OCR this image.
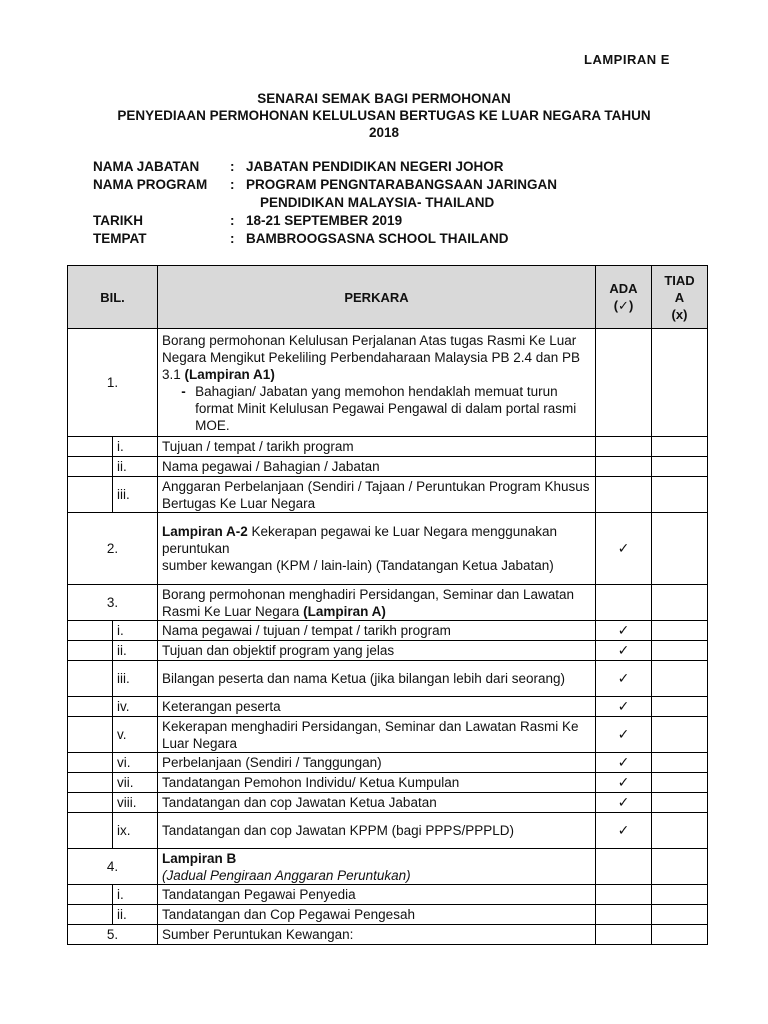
LAMPIRAN E
SENARAI SEMAK BAGI PERMOHONAN
PENYEDIAAN PERMOHONAN KELULUSAN BERTUGAS KE LUAR NEGARA TAHUN
2018
NAMA JABATAN : JABATAN PENDIDIKAN NEGERI JOHOR
NAMA PROGRAM : PROGRAM PENGNTARABANGSAAN JARINGAN
PENDIDIKAN MALAYSIA- THAILAND
TARIKH	: 18-21 SEPTEMBER 2019
TEMPAT	: BAMBROOGSASNA SCHOOL THAILAND
BIL.		PERKARA	ADA
(✓)	TIAD
A
(x)

1.		Borang permohonan Kelulusan Perjalanan Atas tugas Rasmi Ke Luar Negara Mengikut Pekeliling Perbendaharaan Malaysia PB 2.4 dan PB 3.1 (Lampiran A1)
- Bahagian/ Jabatan yang memohon hendaklah memuat turun format Minit Kelulusan Pegawai Pengawal di dalam portal rasmi MOE.		

	i.	Tujuan / tempat / tarikh program		
	ii.	Nama pegawai / Bahagian / Jabatan		
	iii.	Anggaran Perbelanjaan (Sendiri / Tajaan / Peruntukan Program Khusus      Bertugas Ke Luar Negara		
2.		Lampiran A-2 Kekerapan pegawai ke Luar Negara menggunakan peruntukan
sumber kewangan (KPM / lain-lain) (Tandatangan Ketua Jabatan)	✓	
3.		Borang permohonan menghadiri Persidangan, Seminar dan Lawatan Rasmi Ke Luar Negara (Lampiran A)		
	i.	Nama pegawai / tujuan / tempat / tarikh program	✓	
	ii.	Tujuan dan objektif program yang jelas	✓	
	iii.	Bilangan peserta dan nama Ketua (jika bilangan lebih dari seorang)	✓	
	iv.	Keterangan peserta	✓	
	v.	Kekerapan menghadiri Persidangan, Seminar dan Lawatan Rasmi Ke Luar Negara	✓	
	vi.	Perbelanjaan (Sendiri / Tanggungan)	✓	
	vii.	Tandatangan Pemohon Individu/ Ketua Kumpulan	✓	
	viii.	Tandatangan dan cop Jawatan Ketua Jabatan	✓	
	ix.	Tandatangan dan cop Jawatan KPPM (bagi PPPS/PPPLD)	✓	
4.		Lampiran B
(Jadual Pengiraan Anggaran Peruntukan)		

	i.	Tandatangan Pegawai Penyedia		
	ii.	Tandatangan dan Cop Pegawai Pengesah		
5.		Sumber Peruntukan Kewangan:		
